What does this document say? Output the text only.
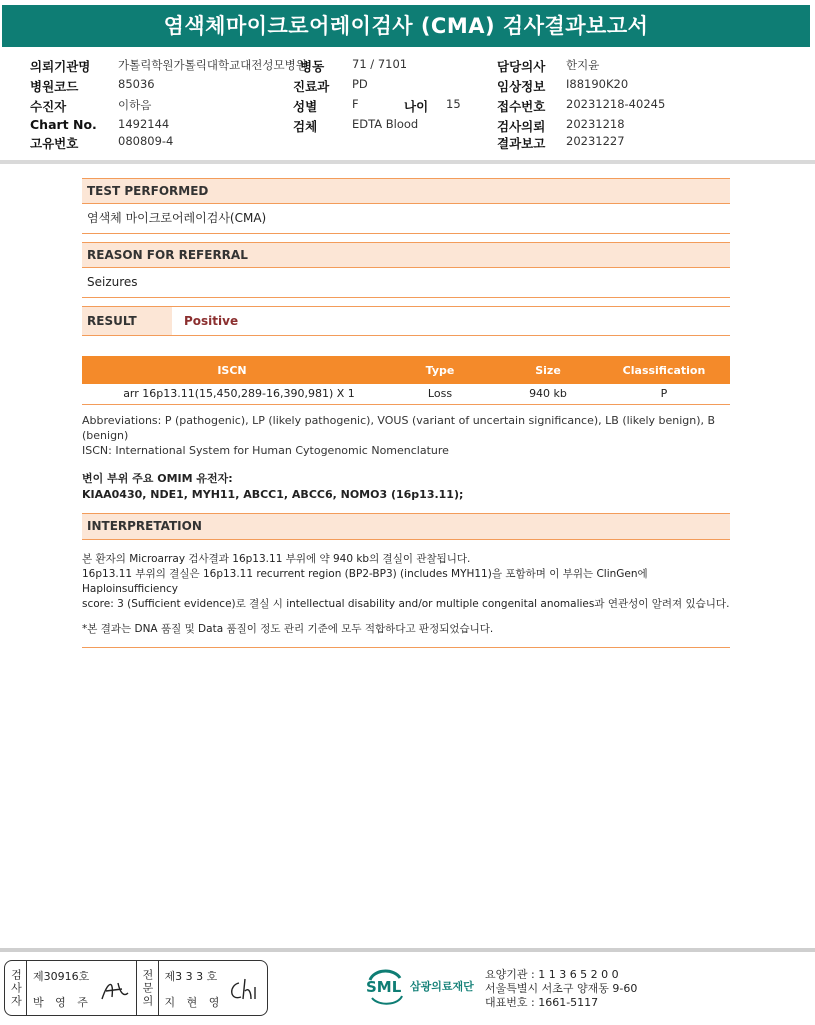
염색체마이크로어레이검사 (CMA) 검사결과보고서
의뢰기관명 가톨릭학원가톨릭대학교대전성모병원
병원코드	85036
수진자	이하음
Chart No. 1492144
고유번호	080809-4
병동 71 / 7101
진료과 PD
성별	F	나이 15
검체	EDTA Blood
담당의사 한지윤
임상정보 I88190K20
접수번호 20231218-40245
검사의뢰 20231218
결과보고 20231227
TEST PERFORMED
염색체 마이크로어레이검사(CMA)
REASON FOR REFERRAL
Seizures
RESULT	Positive
ISCN	Type	Size	Classification
arr 16p13.11(15,450,289-16,390,981) X 1	Loss	940 kb	P
Abbreviations: P (pathogenic), LP (likely pathogenic), VOUS (variant of uncertain significance), LB (likely benign), B (benign)
ISCN: International System for Human Cytogenomic Nomenclature
변이 부위 주요 OMIM 유전자:
KIAA0430, NDE1, MYH11, ABCC1, ABCC6, NOMO3 (16p13.11);
INTERPRETATION

본 환자의 Microarray 검사결과 16p13.11 부위에 약 940 kb의 결실이 관찰됩니다.

16p13.11 부위의 결실은 16p13.11 recurrent region (BP2-BP3) (includes MYH11)을 포함하며 이 부위는 ClinGen에 Haploinsufficiency

score: 3 (Sufficient evidence)로 결실 시 intellectual disability and/or multiple congenital anomalies과 연관성이 알려져 있습니다.

*본 결과는 DNA 품질 및 Data 품질이 정도 관리 기준에 모두 적합하다고 판정되었습니다.

검사자 제30916호
박 영 주	전문의 제3 3 3 호
지 현 영
SML 삼광의료재단
요양기관 : 1 1 3 6 5 2 0 0
서울특별시 서초구 양재동 9-60
대표번호 : 1661-5117
